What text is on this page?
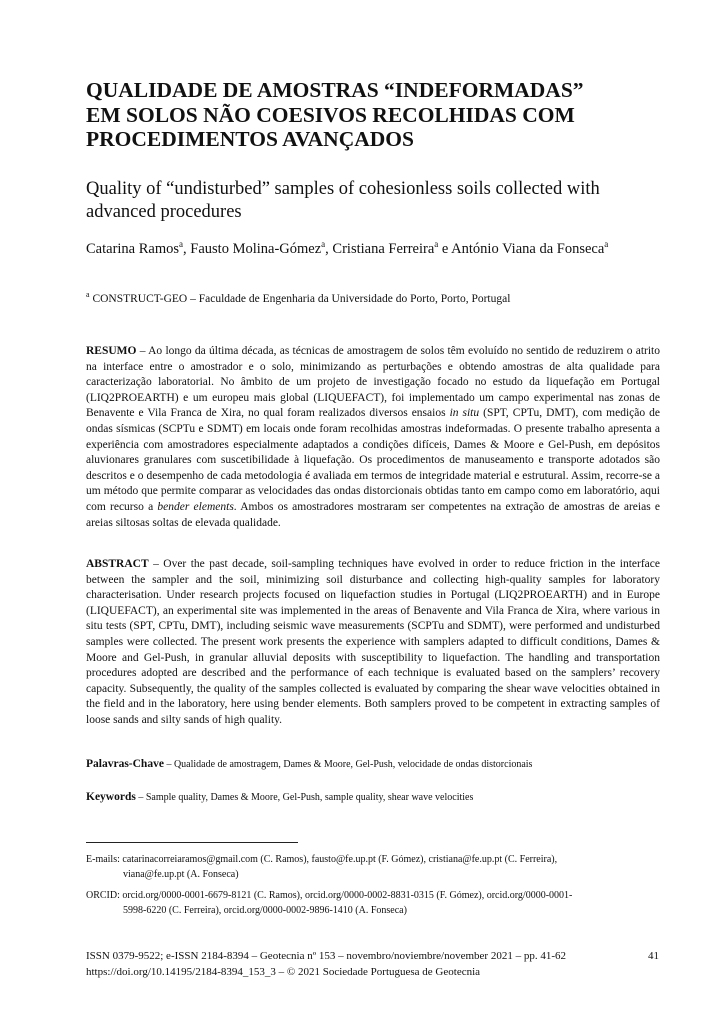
QUALIDADE DE AMOSTRAS “INDEFORMADAS”
EM SOLOS NÃO COESIVOS RECOLHIDAS COM
PROCEDIMENTOS AVANÇADOS
Quality of “undisturbed” samples of cohesionless soils collected with
advanced procedures
Catarina Ramos$^a$, Fausto Molina-Gómez$^a$, Cristiana Ferreira$^a$ e António Viana da Fonseca$^a$
$^a$ CONSTRUCT-GEO – Faculdade de Engenharia da Universidade do Porto, Porto, Portugal
RESUMO – Ao longo da última década, as técnicas de amostragem de solos têm evoluído no sentido de reduzirem o atrito na interface entre o amostrador e o solo, minimizando as perturbações e obtendo amostras de alta qualidade para caracterização laboratorial. No âmbito de um projeto de investigação focado no estudo da liquefação em Portugal (LIQ2PROEARTH) e um europeu mais global (LIQUEFACT), foi implementado um campo experimental nas zonas de Benavente e Vila Franca de Xira, no qual foram realizados diversos ensaios in situ (SPT, CPTu, DMT), com medição de ondas sísmicas (SCPTu e SDMT) em locais onde foram recolhidas amostras indeformadas. O presente trabalho apresenta a experiência com amostradores especialmente adaptados a condições difíceis, Dames & Moore e Gel-Push, em depósitos aluvionares granulares com suscetibilidade à liquefação. Os procedimentos de manuseamento e transporte adotados são descritos e o desempenho de cada metodologia é avaliada em termos de integridade material e estrutural. Assim, recorre-se a um método que permite comparar as velocidades das ondas distorcionais obtidas tanto em campo como em laboratório, aqui com recurso a bender elements. Ambos os amostradores mostraram ser competentes na extração de amostras de areias e areias siltosas soltas de elevada qualidade.
ABSTRACT – Over the past decade, soil-sampling techniques have evolved in order to reduce friction in the interface between the sampler and the soil, minimizing soil disturbance and collecting high-quality samples for laboratory characterisation. Under research projects focused on liquefaction studies in Portugal (LIQ2PROEARTH) and in Europe (LIQUEFACT), an experimental site was implemented in the areas of Benavente and Vila Franca de Xira, where various in situ tests (SPT, CPTu, DMT), including seismic wave measurements (SCPTu and SDMT), were performed and undisturbed samples were collected. The present work presents the experience with samplers adapted to difficult conditions, Dames & Moore and Gel-Push, in granular alluvial deposits with susceptibility to liquefaction. The handling and transportation procedures adopted are described and the performance of each technique is evaluated based on the samplers’ recovery capacity. Subsequently, the quality of the samples collected is evaluated by comparing the shear wave velocities obtained in the field and in the laboratory, here using bender elements. Both samplers proved to be competent in extracting samples of loose sands and silty sands of high quality.
Palavras-Chave – Qualidade de amostragem, Dames & Moore, Gel-Push, velocidade de ondas distorcionais
Keywords – Sample quality, Dames & Moore, Gel-Push, sample quality, shear wave velocities
E-mails: catarinacorreiaramos@gmail.com (C. Ramos), fausto@fe.up.pt (F. Gómez), cristiana@fe.up.pt (C. Ferreira),
viana@fe.up.pt (A. Fonseca)
ORCID: orcid.org/0000-0001-6679-8121 (C. Ramos), orcid.org/0000-0002-8831-0315 (F. Gómez), orcid.org/0000-0001-
5998-6220 (C. Ferreira), orcid.org/0000-0002-9896-1410 (A. Fonseca)
ISSN 0379-9522; e-ISSN 2184-8394 – Geotecnia nº 153 – novembro/noviembre/november 2021 – pp. 41-62
https://doi.org/10.14195/2184-8394_153_3 – © 2021 Sociedade Portuguesa de Geotecnia
41
